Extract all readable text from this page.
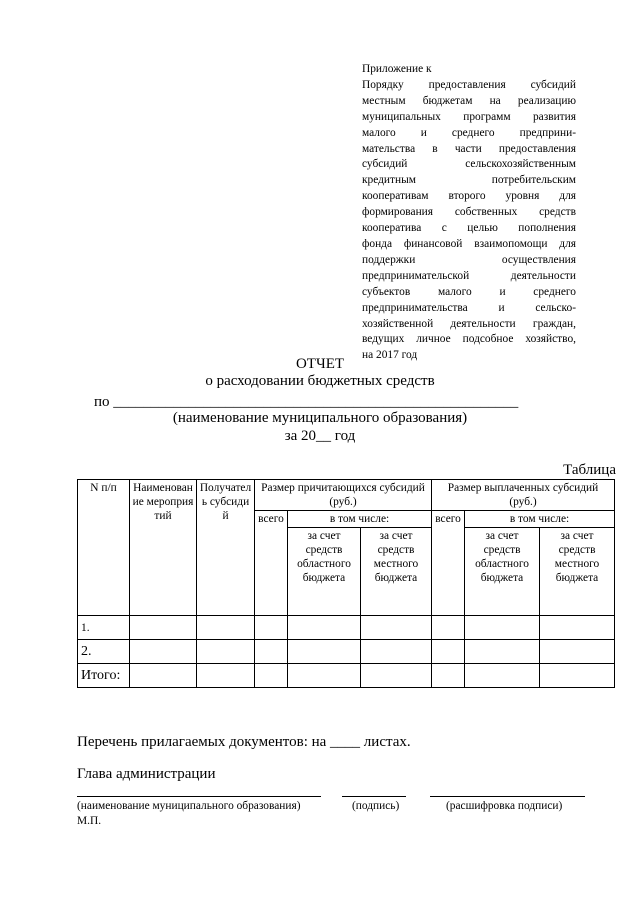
Приложение к
Порядку предоставления субсидий
местным бюджетам на реализацию
муниципальных программ развития
малого и среднего предприни-
мательства в части предоставления
субсидий сельскохозяйственным
кредитным потребительским
кооперативам второго уровня для
формирования собственных средств
кооператива с целью пополнения
фонда финансовой взаимопомощи для
поддержки осуществления
предпринимательской деятельности
субъектов малого и среднего
предпринимательства и сельско-
хозяйственной деятельности граждан,
ведущих личное подсобное хозяйство,
на 2017 год
ОТЧЕТ
о расходовании бюджетных средств
по ______________________________________________________
(наименование муниципального образования)
за 20__ год
Таблица
N п/п	Наименование мероприятий	Получатель субсидий	Размер причитающихся субсидий (руб.)			Размер выплаченных субсидий (руб.)		
			всего	в том числе:		всего	в том числе:	
				за счет средств областного бюджета	за счет средств местного бюджета		за счет средств областного бюджета	за счет средств местного бюджета
1.								
2.								
Итого:								
Перечень прилагаемых документов: на ____ листах.
Глава администрации
(наименование муниципального образования)	(подпись)	(расшифровка подписи)
М.П.
